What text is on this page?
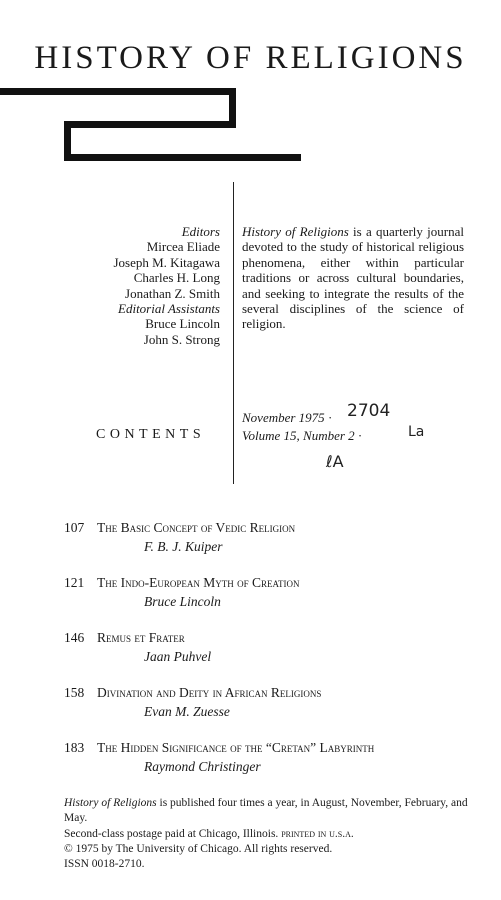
HISTORY OF RELIGIONS
Editors
Mircea Eliade
Joseph M. Kitagawa
Charles H. Long
Jonathan Z. Smith
Editorial Assistants
Bruce Lincoln
John S. Strong
History of Religions is a quarterly journal devoted to the study of historical religious phenomena, either within particular traditions or across cultural boundaries, and seeking to integrate the results of the several disciplines of the science of religion.
November 1975 · 2704
Volume 15, Number 2 ·	La
ℓA
CONTENTS
107 The Basic Concept of Vedic Religion
F. B. J. Kuiper
121 The Indo-European Myth of Creation
Bruce Lincoln
146 Remus et Frater
Jaan Puhvel
158 Divination and Deity in African Religions
Evan M. Zuesse
183 The Hidden Significance of the “Cretan” Labyrinth
Raymond Christinger
History of Religions is published four times a year, in August, November, February, and May.
Second-class postage paid at Chicago, Illinois. printed in u.s.a.
© 1975 by The University of Chicago. All rights reserved.
ISSN 0018-2710.
